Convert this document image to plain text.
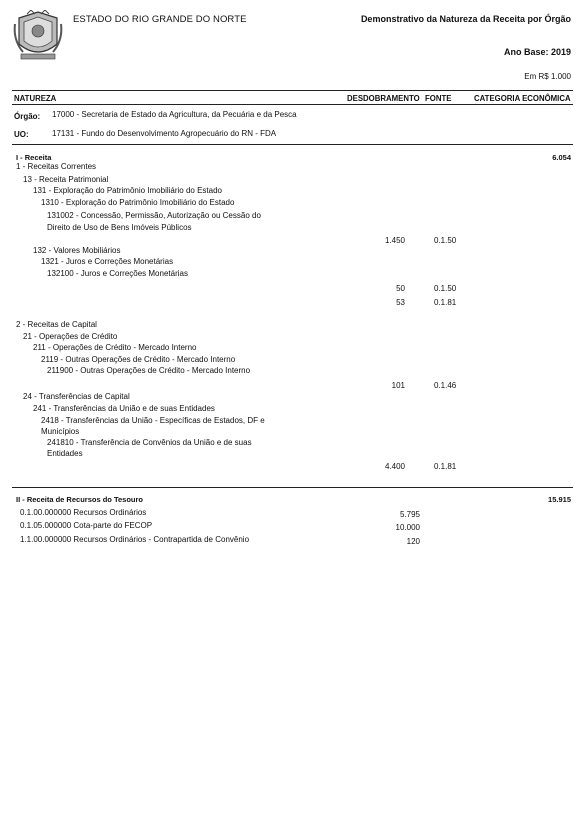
ESTADO DO RIO GRANDE DO NORTE	Demonstrativo da Natureza da Receita por Órgão
Ano Base: 2019
Em R$ 1.000
NATUREZA	DESDOBRAMENTO FONTE	CATEGORIA ECONÔMICA
Órgão: 17000 - Secretaria de Estado da Agricultura, da Pecuária e da Pesca
UO:	17131 - Fundo do Desenvolvimento Agropecuário do RN - FDA
I - Receita	6.054
1 - Receitas Correntes
13 - Receita Patrimonial
131 - Exploração do Patrimônio Imobiliário do Estado
1310 - Exploração do Patrimônio Imobiliário do Estado
131002 - Concessão, Permissão, Autorização ou Cessão do Direito de Uso de Bens Imóveis Públicos
1.450	0.1.50
132 - Valores Mobiliários
1321 - Juros e Correções Monetárias
132100 - Juros e Correções Monetárias
50	0.1.50
53	0.1.81
2 - Receitas de Capital
21 - Operações de Crédito
211 - Operações de Crédito - Mercado Interno
2119 - Outras Operações de Crédito - Mercado Interno
211900 - Outras Operações de Crédito - Mercado Interno
101	0.1.46
24 - Transferências de Capital
241 - Transferências da União e de suas Entidades
2418 - Transferências da União - Específicas de Estados, DF e Municípios
241810 - Transferência de Convênios da União e de suas Entidades
4.400	0.1.81
II - Receita de Recursos do Tesouro	15.915
0.1.00.000000 Recursos Ordinários	5.795
0.1.05.000000 Cota-parte do FECOP	10.000
1.1.00.000000 Recursos Ordinários - Contrapartida de Convênio	120
